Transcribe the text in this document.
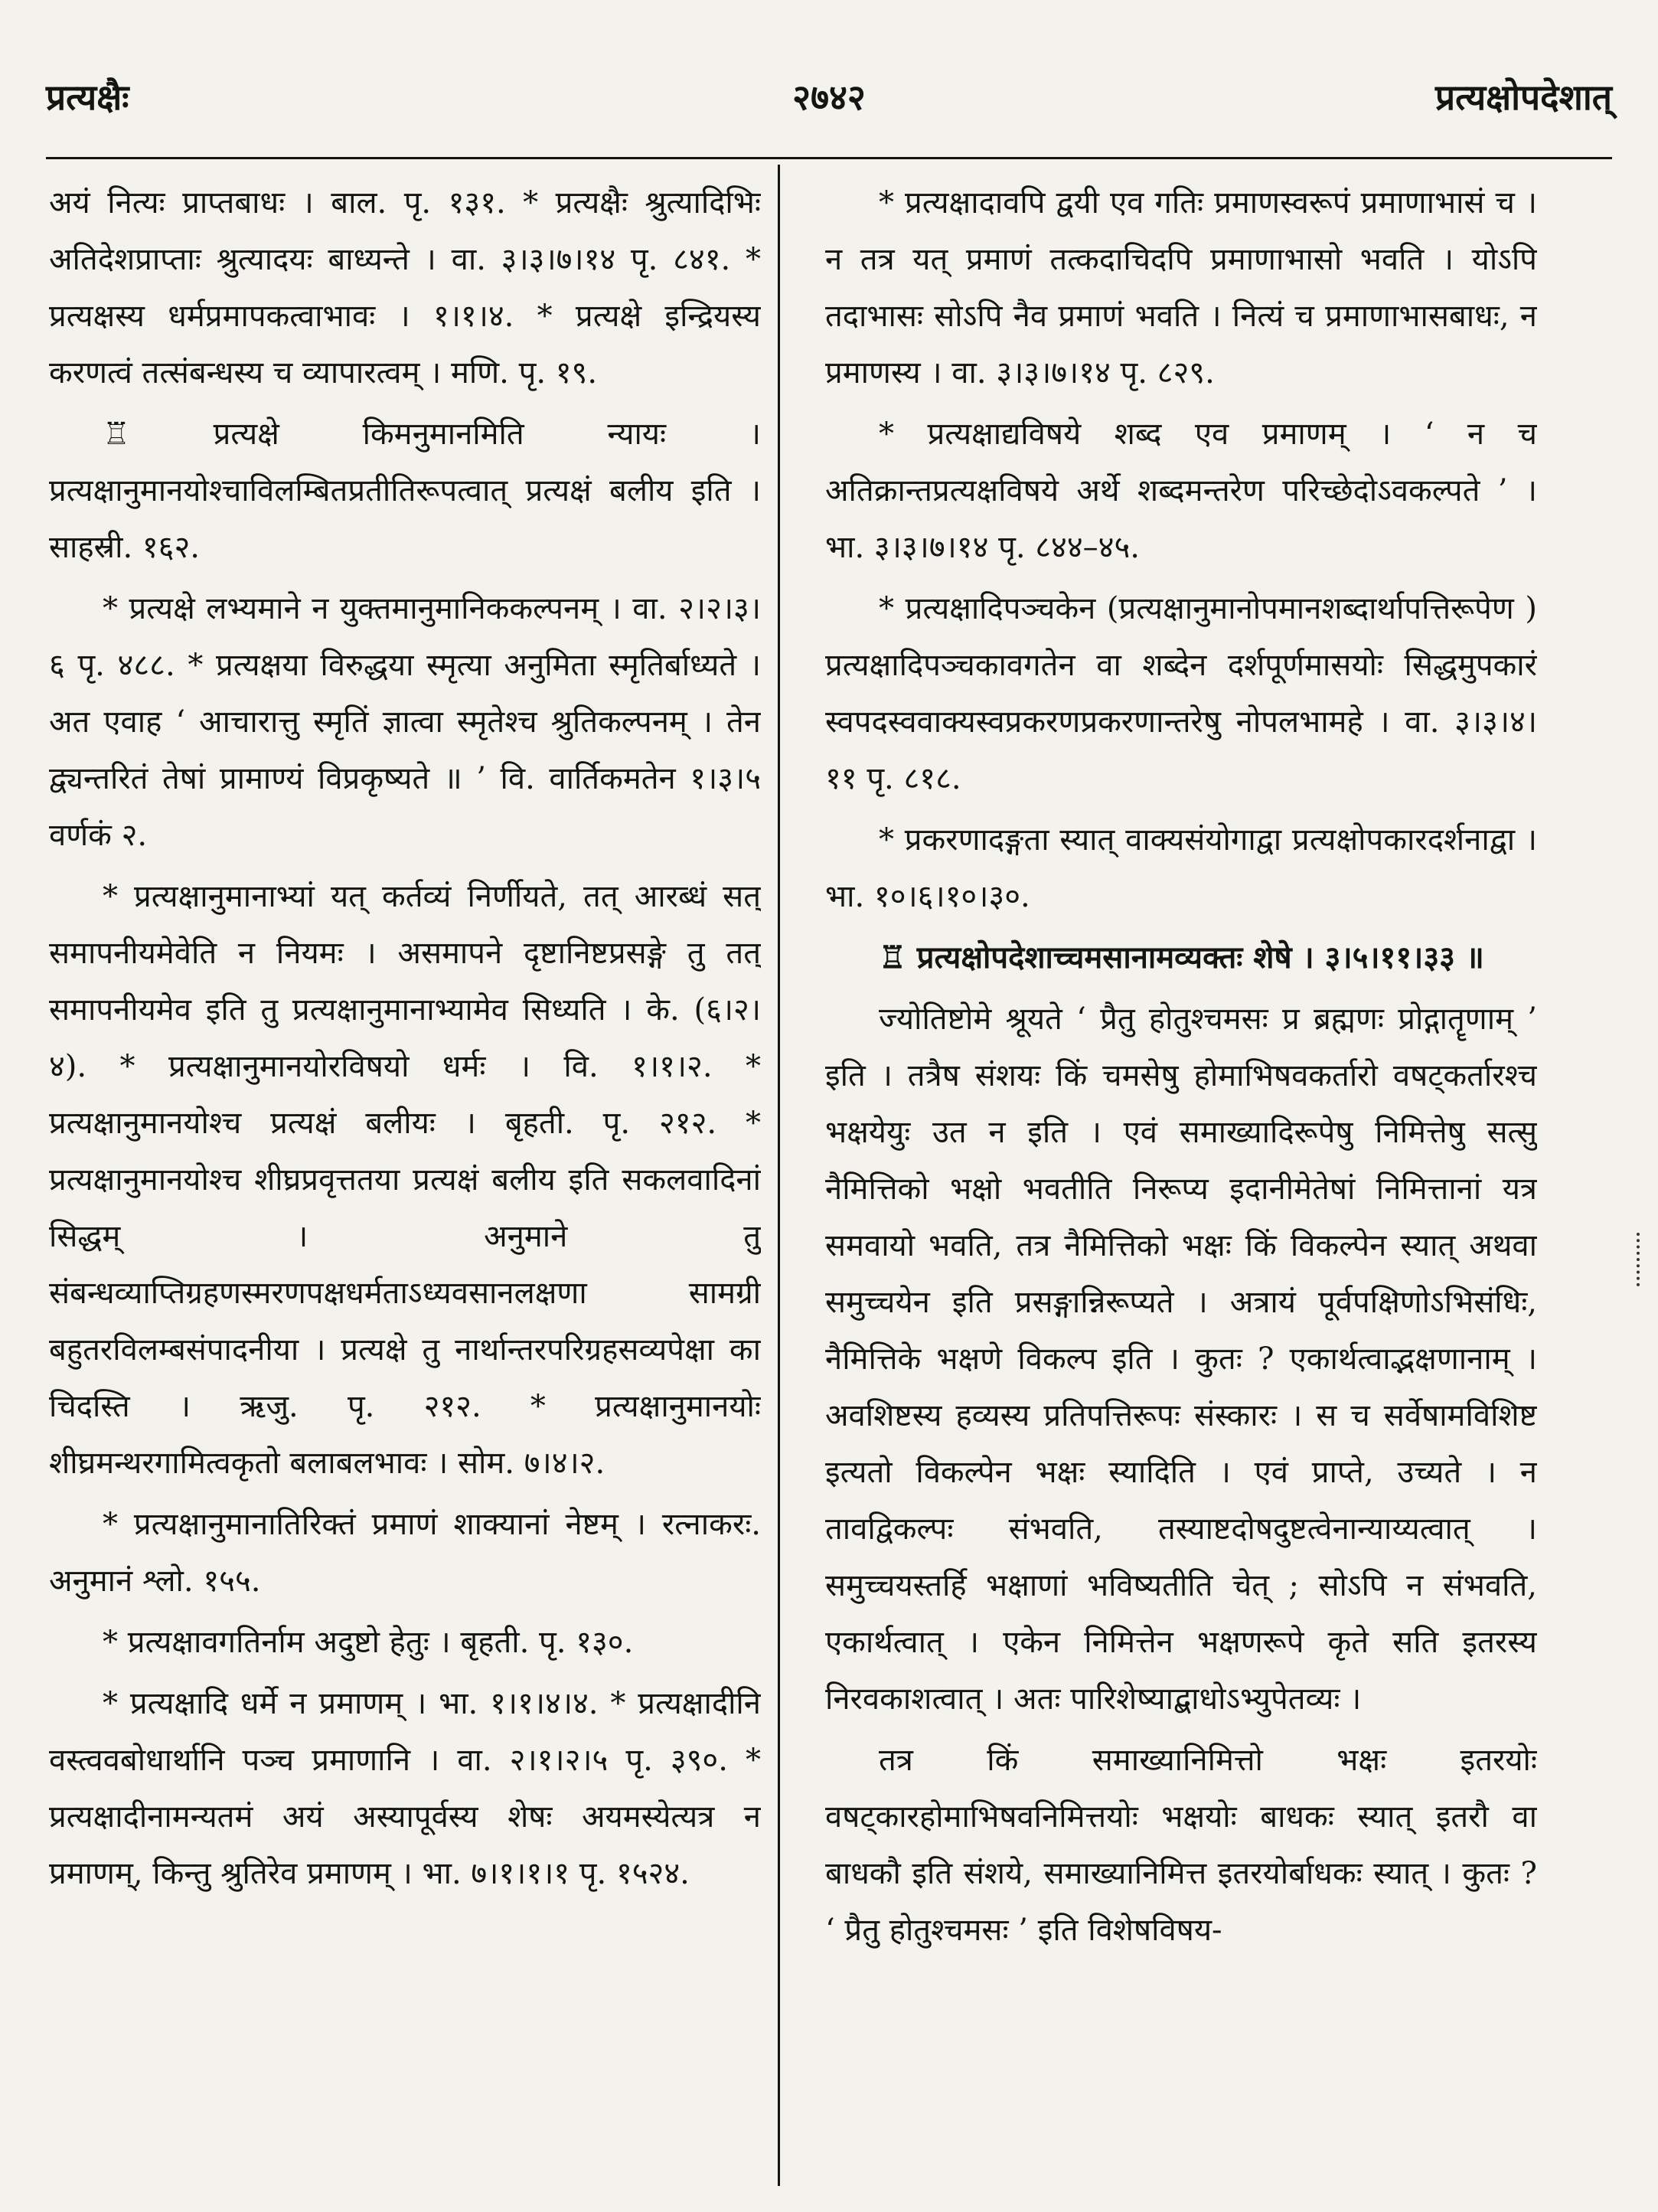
प्रत्यक्षैः	२७४२	प्रत्यक्षोपदेशात्

अयं नित्यः प्राप्तबाधः । बाल. पृ. १३१. * प्रत्यक्षैः श्रुत्यादिभिः अतिदेशप्राप्ताः श्रुत्यादयः बाध्यन्ते । वा. ३।३।७।१४ पृ. ८४१. * प्रत्यक्षस्य धर्मप्रमापकत्वाभावः । १।१।४. * प्रत्यक्षे इन्द्रियस्य करणत्वं तत्संबन्धस्य च व्यापारत्वम् । मणि. पृ. १९.

♖ प्रत्यक्षे किमनुमानमिति न्यायः । प्रत्यक्षानुमानयोश्चाविलम्बितप्रतीतिरूपत्वात् प्रत्यक्षं बलीय इति । साहस्री. १६२.

* प्रत्यक्षे लभ्यमाने न युक्तमानुमानिककल्पनम् । वा. २।२।३।६ पृ. ४८८. * प्रत्यक्षया विरुद्धया स्मृत्या अनुमिता स्मृतिर्बाध्यते । अत एवाह ‘ आचारात्तु स्मृतिं ज्ञात्वा स्मृतेश्च श्रुतिकल्पनम् । तेन द्व्यन्तरितं तेषां प्रामाण्यं विप्रकृष्यते ॥ ’ वि. वार्तिकमतेन १।३।५ वर्णकं २.

* प्रत्यक्षानुमानाभ्यां यत् कर्तव्यं निर्णीयते, तत् आरब्धं सत् समापनीयमेवेति न नियमः । असमापने दृष्टानिष्टप्रसङ्गे तु तत् समापनीयमेव इति तु प्रत्यक्षानुमानाभ्यामेव सिध्यति । के. (६।२।४). * प्रत्यक्षानुमानयोरविषयो धर्मः । वि. १।१।२. * प्रत्यक्षानुमानयोश्च प्रत्यक्षं बलीयः । बृहती. पृ. २१२. * प्रत्यक्षानुमानयोश्च शीघ्रप्रवृत्ततया प्रत्यक्षं बलीय इति सकलवादिनां सिद्धम् । अनुमाने तु संबन्धव्याप्तिग्रहणस्मरणपक्षधर्मताऽध्यवसानलक्षणा सामग्री बहुतरविलम्बसंपादनीया । प्रत्यक्षे तु नार्थान्तरपरिग्रहसव्यपेक्षा का चिदस्ति । ऋजु. पृ. २१२. * प्रत्यक्षानुमानयोः शीघ्रमन्थरगामित्वकृतो बलाबलभावः । सोम. ७।४।२.

* प्रत्यक्षानुमानातिरिक्तं प्रमाणं शाक्यानां नेष्टम् । रत्नाकरः. अनुमानं श्लो. १५५.

* प्रत्यक्षावगतिर्नाम अदुष्टो हेतुः । बृहती. पृ. १३०.

* प्रत्यक्षादि धर्मे न प्रमाणम् । भा. १।१।४।४. * प्रत्यक्षादीनि वस्त्ववबोधार्थानि पञ्च प्रमाणानि । वा. २।१।२।५ पृ. ३९०. * प्रत्यक्षादीनामन्यतमं अयं अस्यापूर्वस्य शेषः अयमस्येत्यत्र न प्रमाणम्, किन्तु श्रुतिरेव प्रमाणम् । भा. ७।१।१।१ पृ. १५२४.

* प्रत्यक्षादावपि द्वयी एव गतिः प्रमाणस्वरूपं प्रमाणाभासं च । न तत्र यत् प्रमाणं तत्कदाचिदपि प्रमाणाभासो भवति । योऽपि तदाभासः सोऽपि नैव प्रमाणं भवति । नित्यं च प्रमाणाभासबाधः, न प्रमाणस्य । वा. ३।३।७।१४ पृ. ८२९.

* प्रत्यक्षाद्यविषये शब्द एव प्रमाणम् । ‘ न च अतिक्रान्तप्रत्यक्षविषये अर्थे शब्दमन्तरेण परिच्छेदोऽवकल्पते ’ । भा. ३।३।७।१४ पृ. ८४४–४५.

* प्रत्यक्षादिपञ्चकेन (प्रत्यक्षानुमानोपमानशब्दार्थापत्तिरूपेण ) प्रत्यक्षादिपञ्चकावगतेन वा शब्देन दर्शपूर्णमासयोः सिद्धमुपकारं स्वपदस्ववाक्यस्वप्रकरणप्रकरणान्तरेषु नोपलभामहे । वा. ३।३।४।११ पृ. ८१८.

* प्रकरणादङ्गता स्यात् वाक्यसंयोगाद्वा प्रत्यक्षोपकारदर्शनाद्वा । भा. १०।६।१०।३०.

♖ प्रत्यक्षोपदेशाच्चमसानामव्यक्तः शेषे । ३।५।११।३३ ॥

ज्योतिष्टोमे श्रूयते ‘ प्रैतु होतुश्चमसः प्र ब्रह्मणः प्रोद्गातॄणाम् ’ इति । तत्रैष संशयः किं चमसेषु होमाभिषवकर्तारो वषट्कर्तारश्च भक्षयेयुः उत न इति । एवं समाख्यादिरूपेषु निमित्तेषु सत्सु नैमित्तिको भक्षो भवतीति निरूप्य इदानीमेतेषां निमित्तानां यत्र समवायो भवति, तत्र नैमित्तिको भक्षः किं विकल्पेन स्यात् अथवा समुच्चयेन इति प्रसङ्गान्निरूप्यते । अत्रायं पूर्वपक्षिणोऽभिसंधिः, नैमित्तिके भक्षणे विकल्प इति । कुतः ? एकार्थत्वाद्भक्षणानाम् । अवशिष्टस्य हव्यस्य प्रतिपत्तिरूपः संस्कारः । स च सर्वेषामविशिष्ट इत्यतो विकल्पेन भक्षः स्यादिति । एवं प्राप्ते, उच्यते । न तावद्विकल्पः संभवति, तस्याष्टदोषदुष्टत्वेनान्याय्यत्वात् । समुच्चयस्तर्हि भक्षाणां भविष्यतीति चेत् ; सोऽपि न संभवति, एकार्थत्वात् । एकेन निमित्तेन भक्षणरूपे कृते सति इतरस्य निरवकाशत्वात् । अतः पारिशेष्याद्बाधोऽभ्युपेतव्यः ।

तत्र किं समाख्यानिमित्तो भक्षः इतरयोः वषट्कारहोमाभिषवनिमित्तयोः भक्षयोः बाधकः स्यात् इतरौ वा बाधकौ इति संशये, समाख्यानिमित्त इतरयोर्बाधकः स्यात् । कुतः ? ‘ प्रैतु होतुश्चमसः ’ इति विशेषविषय-
